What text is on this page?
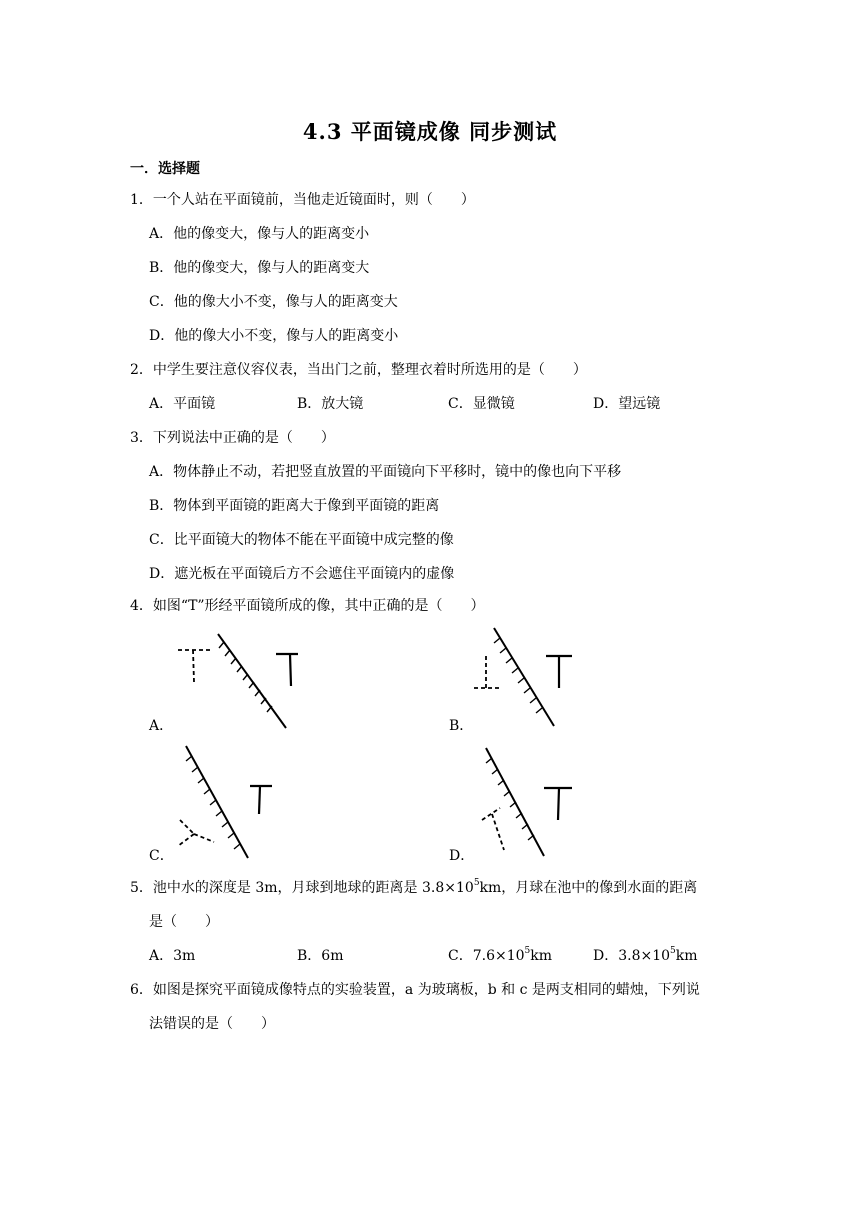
4.3 平面镜成像 同步测试
一．选择题
1．一个人站在平面镜前，当他走近镜面时，则（　　）
A．他的像变大，像与人的距离变小
B．他的像变大，像与人的距离变大
C．他的像大小不变，像与人的距离变大
D．他的像大小不变，像与人的距离变小
2．中学生要注意仪容仪表，当出门之前，整理衣着时所选用的是（　　）
A．平面镜	B．放大镜	C．显微镜	D．望远镜
3．下列说法中正确的是（　　）
A．物体静止不动，若把竖直放置的平面镜向下平移时，镜中的像也向下平移
B．物体到平面镜的距离大于像到平面镜的距离
C．比平面镜大的物体不能在平面镜中成完整的像
D．遮光板在平面镜后方不会遮住平面镜内的虚像
4．如图“T”形经平面镜所成的像，其中正确的是（　　）
A．	B．
C．	D．
5．池中水的深度是 3m，月球到地球的距离是 $3.8\times 10^5km$，月球在池中的像到水面的距离
是（　　）
A．3m	B．6m	C．$7.6\times 10^5km$	D．$3.8\times 10^5km$
6．如图是探究平面镜成像特点的实验装置，a 为玻璃板，b 和 c 是两支相同的蜡烛，下列说
法错误的是（　　）
